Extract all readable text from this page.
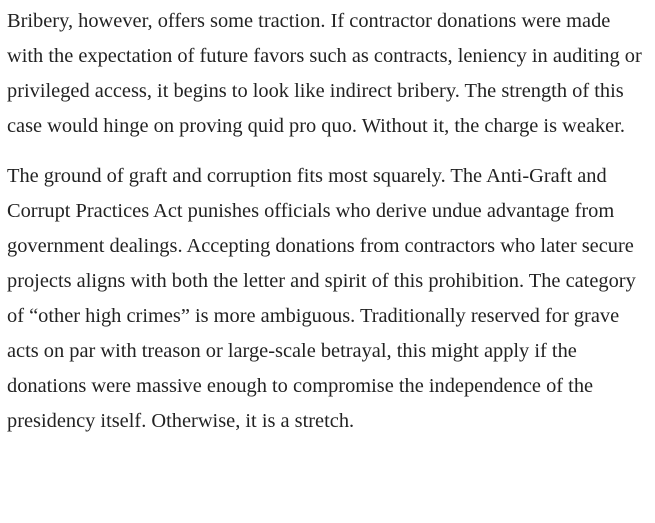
Bribery, however, offers some traction. If contractor donations were made with the expectation of future favors such as contracts, leniency in auditing or privileged access, it begins to look like indirect bribery. The strength of this case would hinge on proving quid pro quo. Without it, the charge is weaker.

The ground of graft and corruption fits most squarely. The Anti-Graft and Corrupt Practices Act punishes officials who derive undue advantage from government dealings. Accepting donations from contractors who later secure projects aligns with both the letter and spirit of this prohibition. The category of “other high crimes” is more ambiguous. Traditionally reserved for grave acts on par with treason or large-scale betrayal, this might apply if the donations were massive enough to compromise the independence of the presidency itself. Otherwise, it is a stretch.
